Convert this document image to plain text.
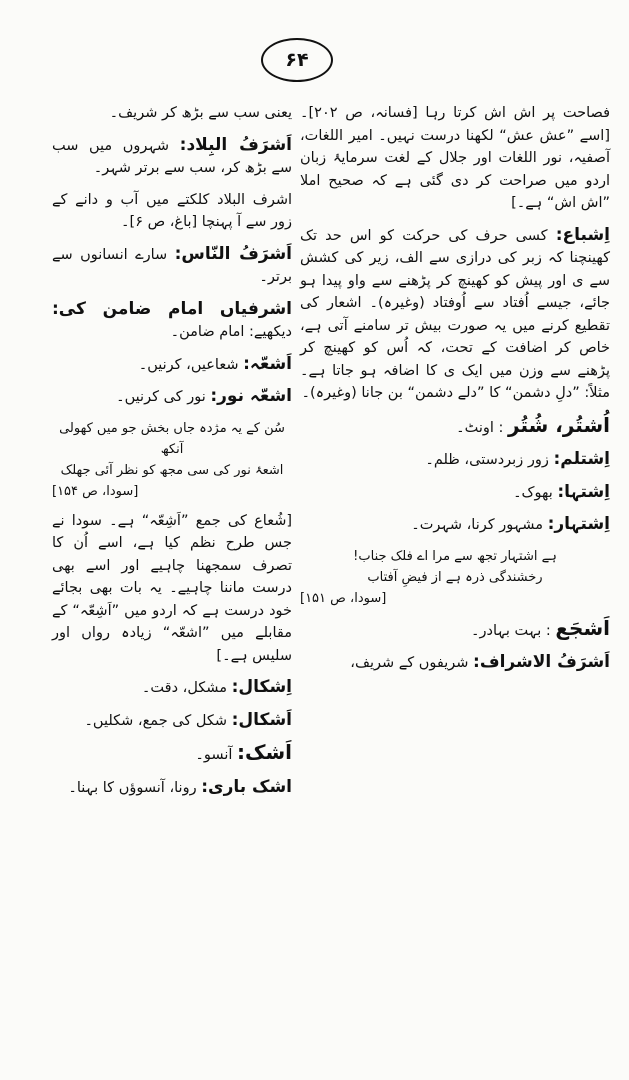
۶۴

فصاحت پر اش اش کرتا رہا [فسانہ، ص ۲۰۲]۔ [اسے ”عش عش“ لکھنا درست نہیں۔ امیر اللغات، آصفیہ، نور اللغات اور جلال کے لغت سرمایۂ زبان اردو میں صراحت کر دی گئی ہے کہ صحیح املا ”اش اش“ ہے۔]

اِشباع: کسی حرف کی حرکت کو اس حد تک کھینچنا کہ زبر کی درازی سے الف، زیر کی کشش سے ی اور پیش کو کھینچ کر پڑھنے سے واو پیدا ہو جائے، جیسے اُفتاد سے اُوفتاد (وغیرہ)۔ اشعار کی تقطیع کرنے میں یہ صورت بیش تر سامنے آتی ہے، خاص کر اضافت کے تحت، کہ اُس کو کھینچ کر پڑھنے سے وزن میں ایک ی کا اضافہ ہو جاتا ہے۔ مثلاً: ”دلِ دشمن“ کا ”دلے دشمن“ بن جانا (وغیرہ)۔

اُشتُر، شُتُر : اونٹ۔

اِشتلم: زور زبردستی، ظلم۔

اِشتہا: بھوک۔

اِشتہار: مشہور کرنا، شہرت۔

ہے اشتہار تجھ سے مرا اے فلک جناب!
رخشندگی ذرہ ہے از فیضِ آفتاب
[سودا، ص ۱۵۱]

اَشجَع : بہت بہادر۔

اَشرَفُ الاشراف: شریفوں کے شریف،

یعنی سب سے بڑھ کر شریف۔

اَشرَفُ البِلاد: شہروں میں سب سے بڑھ کر، سب سے برتر شہر۔

اشرف البلاد کلکتے میں آب و دانے کے زور سے آ پہنچا [باغ، ص ۶]۔

اَشرَفُ النّاس: سارے انسانوں سے برتر۔

اشرفیاں امام ضامن کی: دیکھیے: امام ضامن۔

اَشعّہ: شعاعیں، کرنیں۔

اشعّہ نور: نور کی کرنیں۔

سُن کے یہ مژدہ جاں بخش جو میں کھولی آنکھ
اشعۂ نور کی سی مجھ کو نظر آئی جھلک
[سودا، ص ۱۵۴]

[شُعاع کی جمع ”اَشِعّہ“ ہے۔ سودا نے جس طرح نظم کیا ہے، اسے اُن کا تصرف سمجھنا چاہیے اور اسے بھی درست ماننا چاہیے۔ یہ بات بھی بجائے خود درست ہے کہ اردو میں ”اَشِعّہ“ کے مقابلے میں ”اشعّہ“ زیادہ رواں اور سلیس ہے۔]

اِشکال: مشکل، دقت۔

اَشکال: شکل کی جمع، شکلیں۔

اَشک: آنسو۔

اشک باری: رونا، آنسوؤں کا بہنا۔
